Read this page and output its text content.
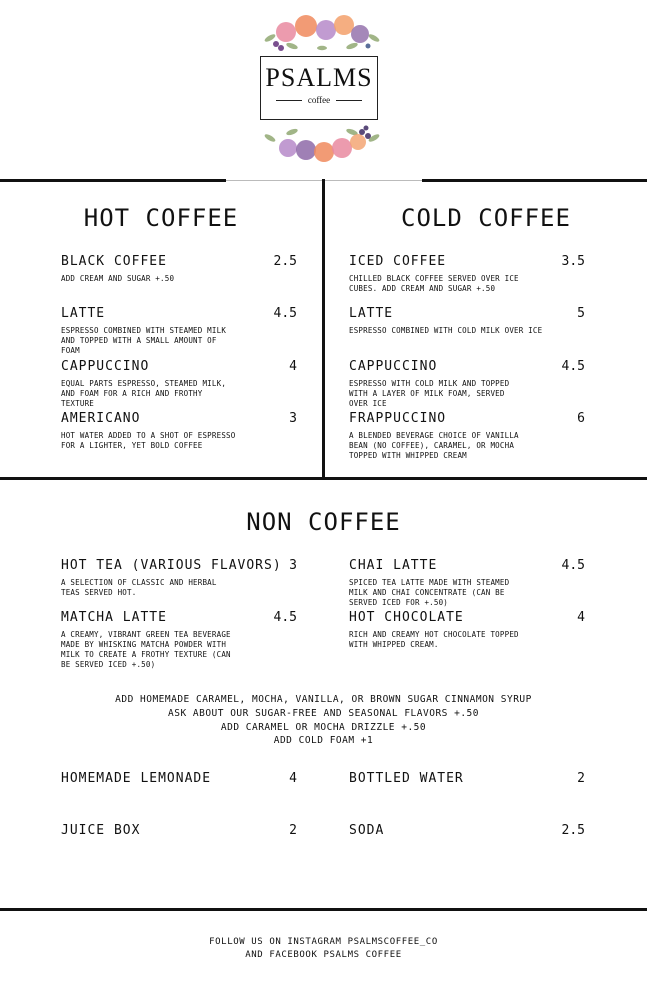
PSALMS
coffee
HOT COFFEE
BLACK COFFEE	2.5
ADD CREAM AND SUGAR +.50
LATTE	4.5
ESPRESSO COMBINED WITH STEAMED MILK AND TOPPED WITH A SMALL AMOUNT OF FOAM
CAPPUCCINO	4
EQUAL PARTS ESPRESSO, STEAMED MILK, AND FOAM FOR A RICH AND FROTHY TEXTURE
AMERICANO	3
HOT WATER ADDED TO A SHOT OF ESPRESSO FOR A LIGHTER, YET BOLD COFFEE
COLD COFFEE
ICED COFFEE	3.5
CHILLED BLACK COFFEE SERVED OVER ICE CUBES. ADD CREAM AND SUGAR +.50
LATTE	5
ESPRESSO COMBINED WITH COLD MILK OVER ICE
CAPPUCCINO	4.5
ESPRESSO WITH COLD MILK AND TOPPED WITH A LAYER OF MILK FOAM, SERVED OVER ICE
FRAPPUCCINO	6
A BLENDED BEVERAGE CHOICE OF VANILLA BEAN (NO COFFEE), CARAMEL, OR MOCHA TOPPED WITH WHIPPED CREAM
NON COFFEE
HOT TEA (VARIOUS FLAVORS) 3
A SELECTION OF CLASSIC AND HERBAL TEAS SERVED HOT.
MATCHA LATTE	4.5
A CREAMY, VIBRANT GREEN TEA BEVERAGE MADE BY WHISKING MATCHA POWDER WITH MILK TO CREATE A FROTHY TEXTURE (CAN BE SERVED ICED +.50)
CHAI LATTE	4.5
SPICED TEA LATTE MADE WITH STEAMED MILK AND CHAI CONCENTRATE (CAN BE SERVED ICED FOR +.50)
HOT CHOCOLATE	4
RICH AND CREAMY HOT CHOCOLATE TOPPED WITH WHIPPED CREAM.
ADD HOMEMADE CARAMEL, MOCHA, VANILLA, OR BROWN SUGAR CINNAMON SYRUP
ASK ABOUT OUR SUGAR-FREE AND SEASONAL FLAVORS +.50
ADD CARAMEL OR MOCHA DRIZZLE +.50
ADD COLD FOAM +1
HOMEMADE LEMONADE	4	BOTTLED WATER	2
JUICE BOX	2	SODA	2.5
FOLLOW US ON INSTAGRAM PSALMSCOFFEE_CO
AND FACEBOOK PSALMS COFFEE
